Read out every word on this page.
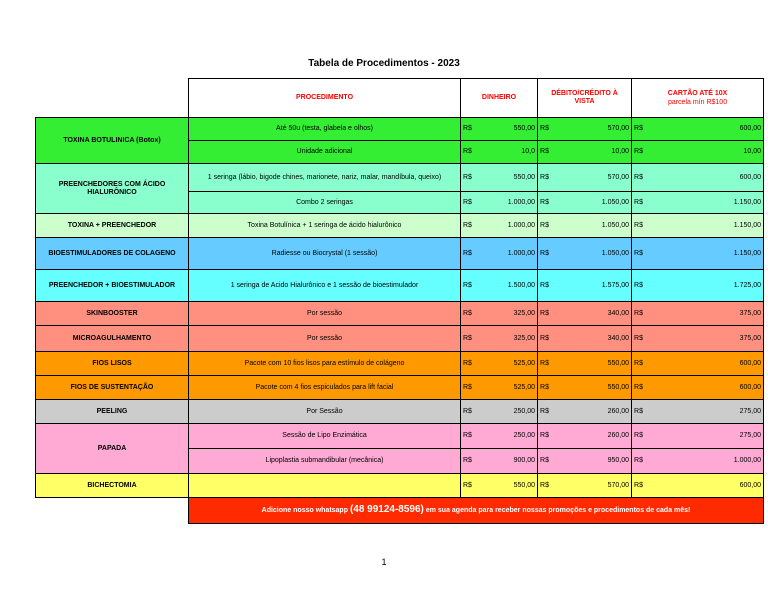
Tabela de Procedimentos - 2023
	PROCEDIMENTO	DINHEIRO		DÉBITO/CRÉDITO À VISTA		CARTÃO ATÉ 10X
parcela mín R$100	

TOXINA BOTULINICA (Botox)	Até 50u (testa, glabela e olhos)	R$	550,00	R$	570,00	R$	600,00
	Unidade adicional	R$	10,0	R$	10,00	R$	10,00
PREENCHEDORES COM ÁCIDO HIALURÔNICO	1 seringa (lábio, bigode chines, marionete, nariz, malar, mandíbula, queixo)	R$	550,00	R$	570,00	R$	600,00
	Combo 2 seringas	R$	1.000,00	R$	1.050,00	R$	1.150,00
TOXINA + PREENCHEDOR	Toxina Botulínica + 1 seringa de ácido hialurônico	R$	1.000,00	R$	1.050,00	R$	1.150,00
BIOESTIMULADORES DE COLAGENO	Radiesse ou Biocrystal (1 sessão)	R$	1.000,00	R$	1.050,00	R$	1.150,00
PREENCHEDOR + BIOESTIMULADOR	1 seringa de Acido Hialurônico e 1 sessão de bioestimulador	R$	1.500,00	R$	1.575,00	R$	1.725,00
SKINBOOSTER	Por sessão	R$	325,00	R$	340,00	R$	375,00
MICROAGULHAMENTO	Por sessão	R$	325,00	R$	340,00	R$	375,00
FIOS LISOS	Pacote com 10 fios lisos para estímulo de colágeno	R$	525,00	R$	550,00	R$	600,00
FIOS DE SUSTENTAÇÃO	Pacote com 4 fios espiculados para lift facial	R$	525,00	R$	550,00	R$	600,00
PEELING	Por Sessão	R$	250,00	R$	260,00	R$	275,00
PAPADA	Sessão de Lipo Enzimática	R$	250,00	R$	260,00	R$	275,00
	Lipoplastia submandibular (mecânica)	R$	900,00	R$	950,00	R$	1.000,00
BICHECTOMIA		R$	550,00	R$	570,00	R$	600,00
	Adicione nosso whatsapp (48 99124-8596) em sua agenda para receber nossas promoções e procedimentos de cada mês!						
1
